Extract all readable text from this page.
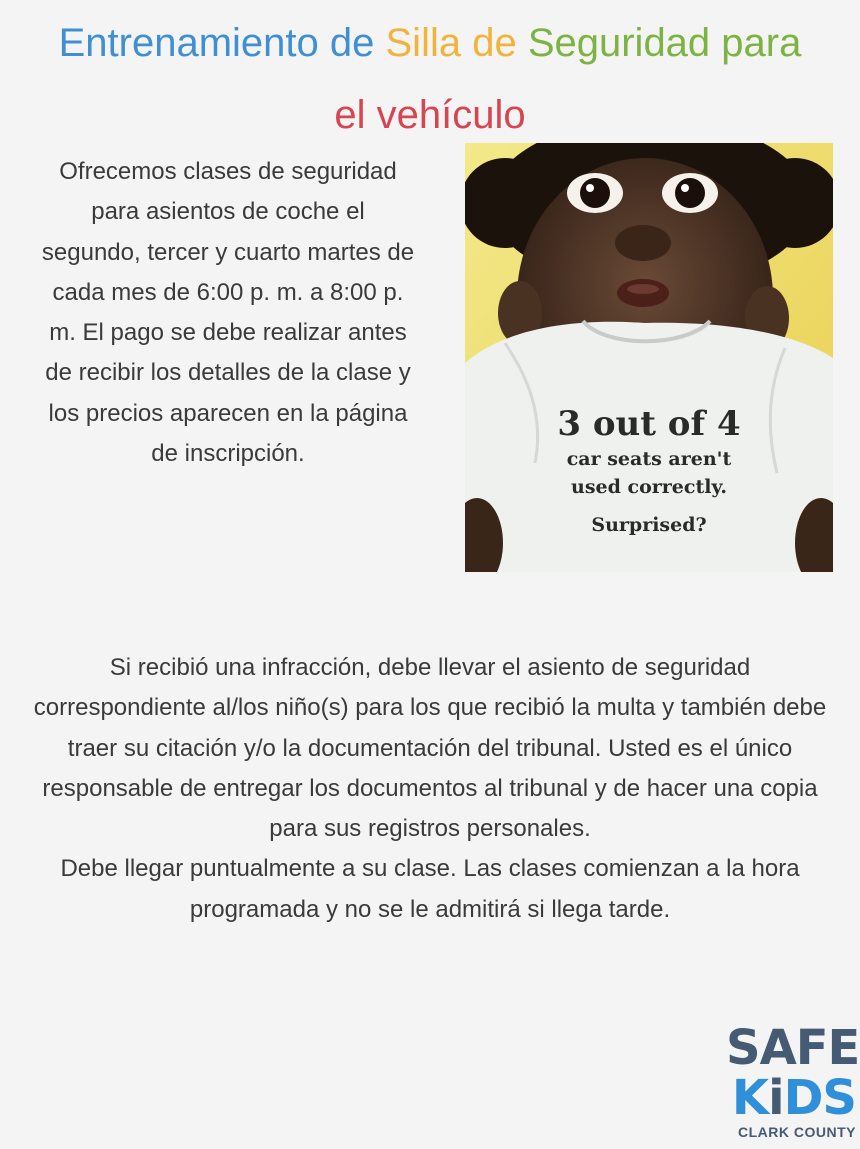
Entrenamiento de Silla de Seguridad para
el vehículo
Ofrecemos clases de seguridad para asientos de coche el segundo, tercer y cuarto martes de cada mes de 6:00 p. m. a 8:00 p. m. El pago se debe realizar antes de recibir los detalles de la clase y los precios aparecen en la página de inscripción.
3 out of 4
car seats aren't
used correctly.
Surprised?

Si recibió una infracción, debe llevar el asiento de seguridad correspondiente al/los niño(s) para los que recibió la multa y también debe traer su citación y/o la documentación del tribunal. Usted es el único responsable de entregar los documentos al tribunal y de hacer una copia para sus registros personales.

Debe llegar puntualmente a su clase. Las clases comienzan a la hora programada y no se le admitirá si llega tarde.

SAFE
KiDS
CLARK COUNTY
